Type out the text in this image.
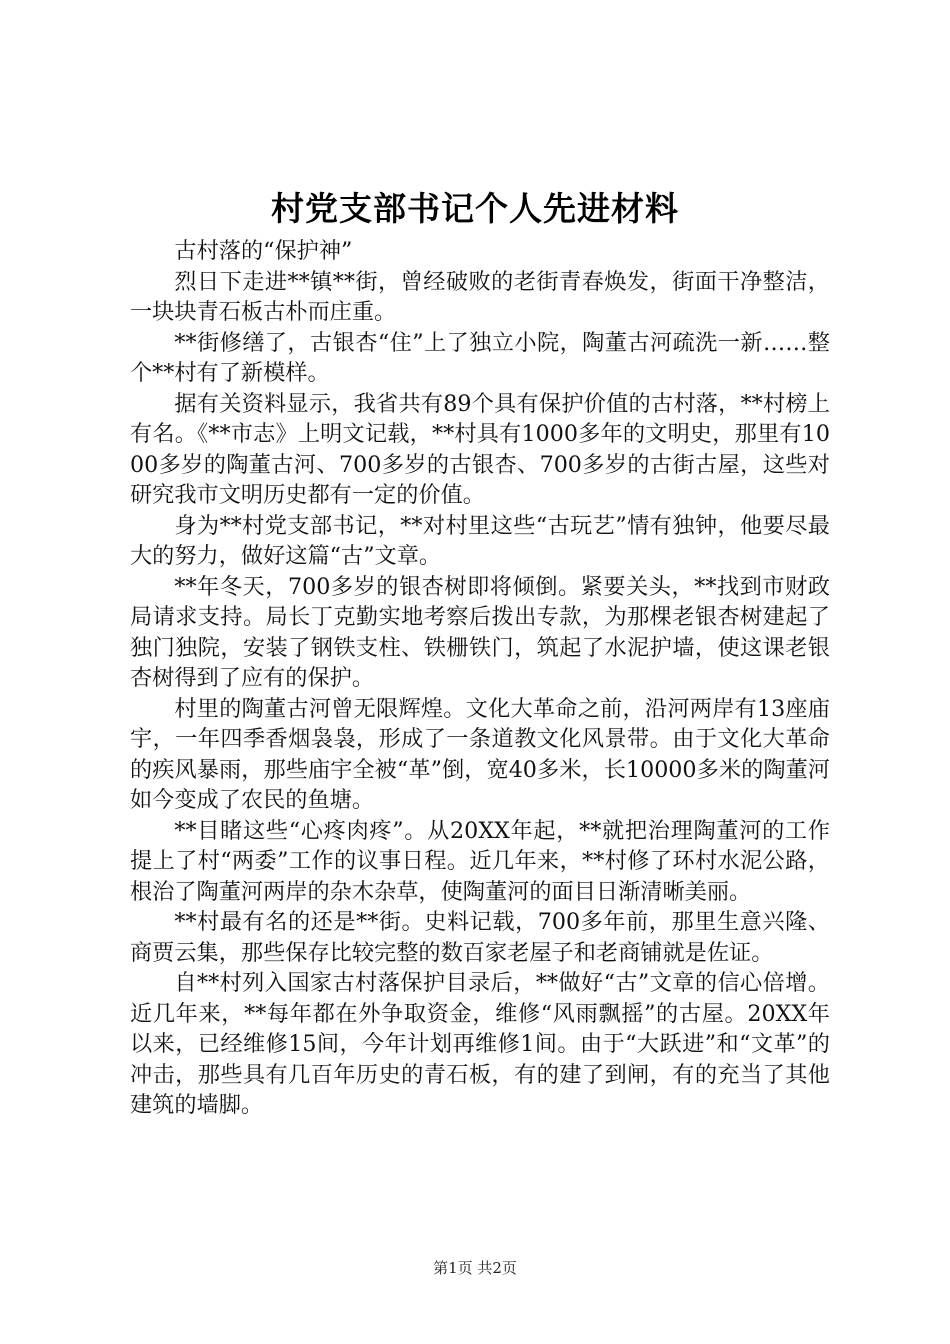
村党支部书记个人先进材料

古村落的“保护神”

烈日下走进**镇**街，曾经破败的老街青春焕发，街面干净整洁，一块块青石板古朴而庄重。

**街修缮了，古银杏“住”上了独立小院，陶董古河疏洗一新……整个**村有了新模样。

据有关资料显示，我省共有89个具有保护价值的古村落，**村榜上有名。《**市志》上明文记载，**村具有1000多年的文明史，那里有1000多岁的陶董古河、700多岁的古银杏、700多岁的古街古屋，这些对研究我市文明历史都有一定的价值。

身为**村党支部书记，**对村里这些“古玩艺”情有独钟，他要尽最大的努力，做好这篇“古”文章。

**年冬天，700多岁的银杏树即将倾倒。紧要关头，**找到市财政局请求支持。局长丁克勤实地考察后拨出专款，为那棵老银杏树建起了独门独院，安装了钢铁支柱、铁栅铁门，筑起了水泥护墙，使这课老银杏树得到了应有的保护。

村里的陶董古河曾无限辉煌。文化大革命之前，沿河两岸有13座庙宇，一年四季香烟袅袅，形成了一条道教文化风景带。由于文化大革命的疾风暴雨，那些庙宇全被“革”倒，宽40多米，长10000多米的陶董河如今变成了农民的鱼塘。

**目睹这些“心疼肉疼”。从20XX年起，**就把治理陶董河的工作提上了村“两委”工作的议事日程。近几年来，**村修了环村水泥公路，根治了陶董河两岸的杂木杂草，使陶董河的面目日渐清晰美丽。

**村最有名的还是**街。史料记载，700多年前，那里生意兴隆、商贾云集，那些保存比较完整的数百家老屋子和老商铺就是佐证。

自**村列入国家古村落保护目录后，**做好“古”文章的信心倍增。近几年来，**每年都在外争取资金，维修“风雨飘摇”的古屋。20XX年以来，已经维修15间，今年计划再维修1间。由于“大跃进”和“文革”的冲击，那些具有几百年历史的青石板，有的建了到闸，有的充当了其他建筑的墙脚。

第1页 共2页
